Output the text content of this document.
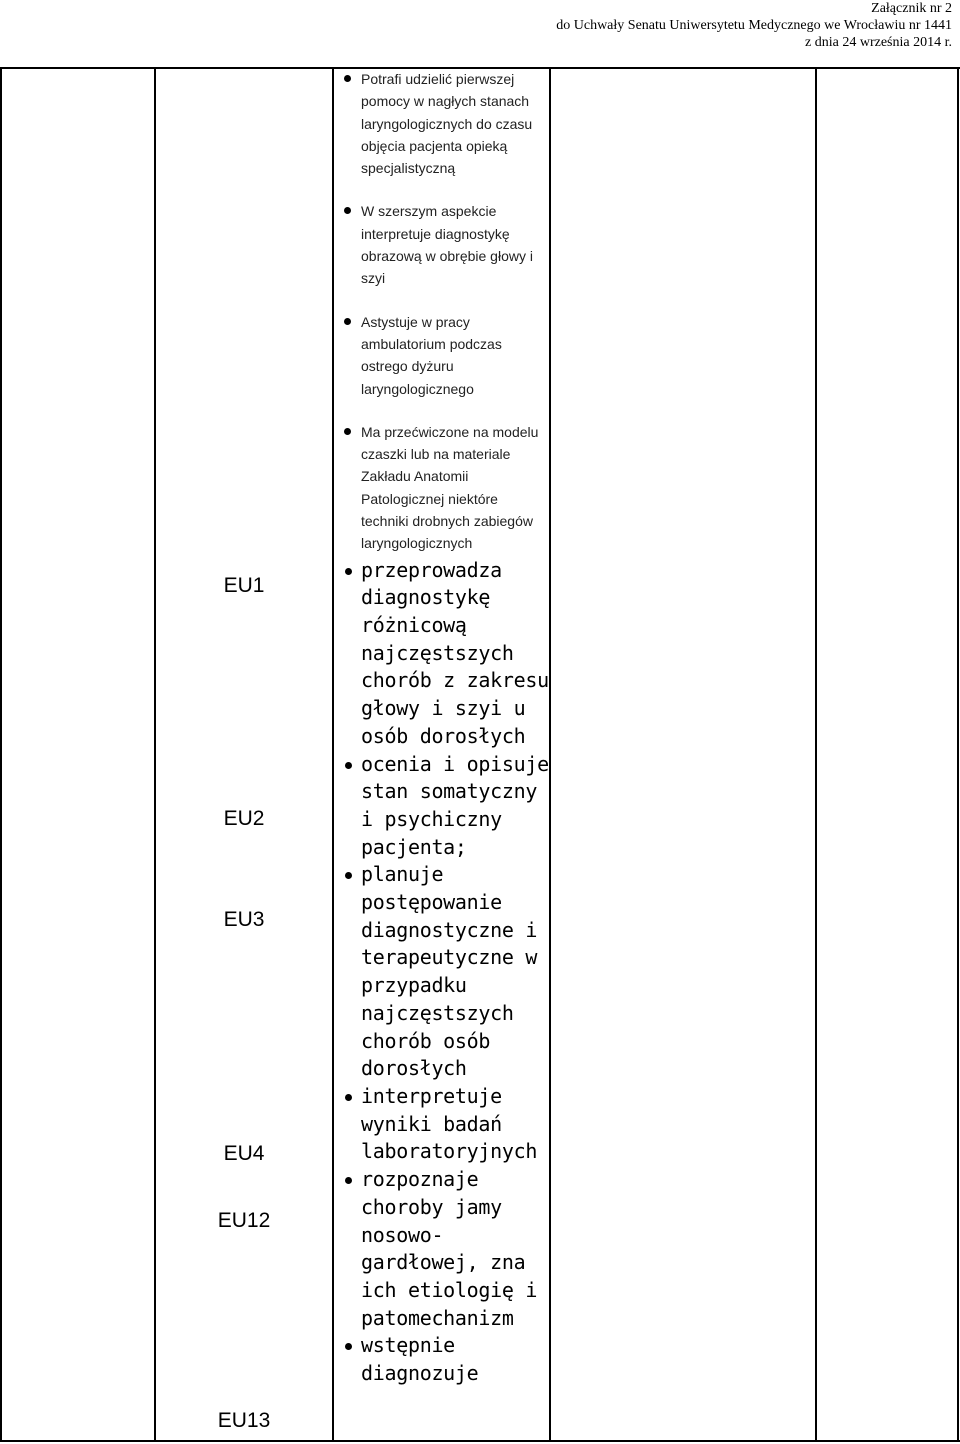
Załącznik nr 2
do Uchwały Senatu Uniwersytetu Medycznego we Wrocławiu nr 1441
z dnia 24 września 2014 r.
EU1
EU2
EU3
EU4
EU12
EU13
Potrafi udzielić pierwszej pomocy w nagłych stanach laryngologicznych do czasu objęcia pacjenta opieką specjalistyczną
W szerszym aspekcie interpretuje diagnostykę obrazową w obrębie głowy i szyi
Astystuje w pracy ambulatorium podczas ostrego dyżuru laryngologicznego
Ma przećwiczone na modelu czaszki lub na materiale Zakładu Anatomii Patologicznej niektóre techniki drobnych zabiegów laryngologicznych
przeprowadza diagnostykę różnicową najczęstszych chorób z zakresu głowy i szyi u osób dorosłych
ocenia i opisuje stan somatyczny i psychiczny pacjenta;
planuje postępowanie diagnostyczne i terapeutyczne w przypadku najczęstszych chorób osób dorosłych
interpretuje wyniki badań laboratoryjnych
rozpoznaje choroby jamy nosowo-gardłowej, zna ich etiologię i patomechanizm
wstępnie diagnozuje
